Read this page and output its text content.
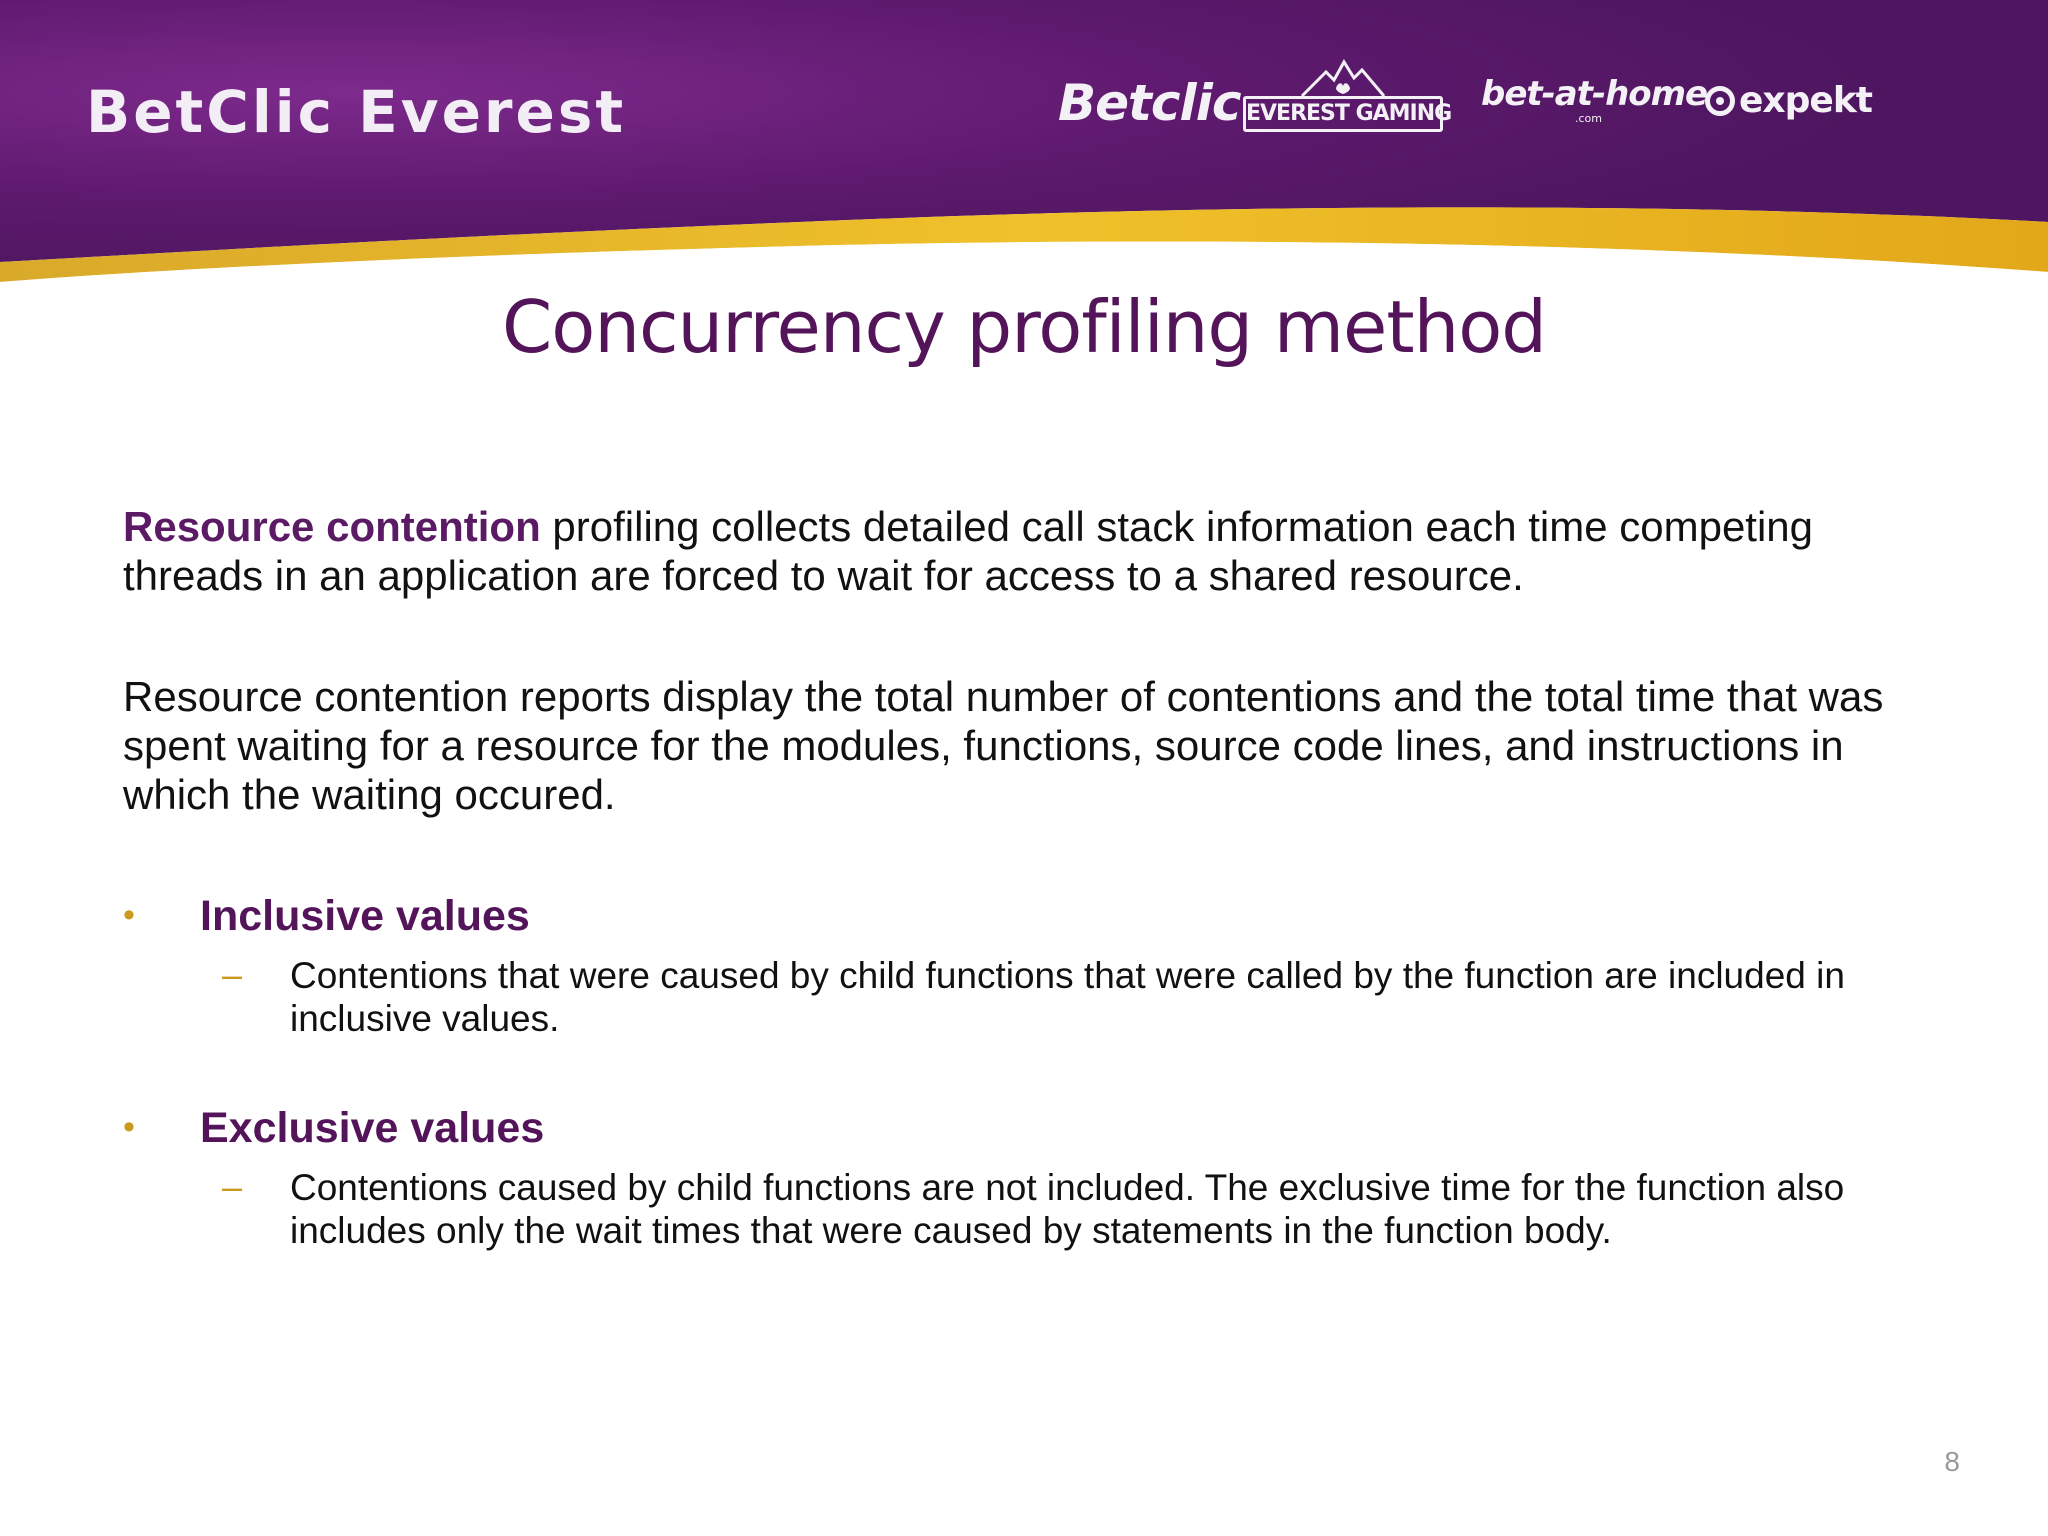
BetClic Everest	Betclic EVEREST GAMING bet-at-home
.com	expekt
Concurrency profiling method
Resource contention profiling collects detailed call stack information each time competing threads in an application are forced to wait for access to a shared resource.
Resource contention reports display the total number of contentions and the total time that was spent waiting for a resource for the modules, functions, source code lines, and instructions in which the waiting occured.
• Inclusive values
– Contentions that were caused by child functions that were called by the function are included in inclusive values.
• Exclusive values
– Contentions caused by child functions are not included. The exclusive time for the function also includes only the wait times that were caused by statements in the function body.
8
